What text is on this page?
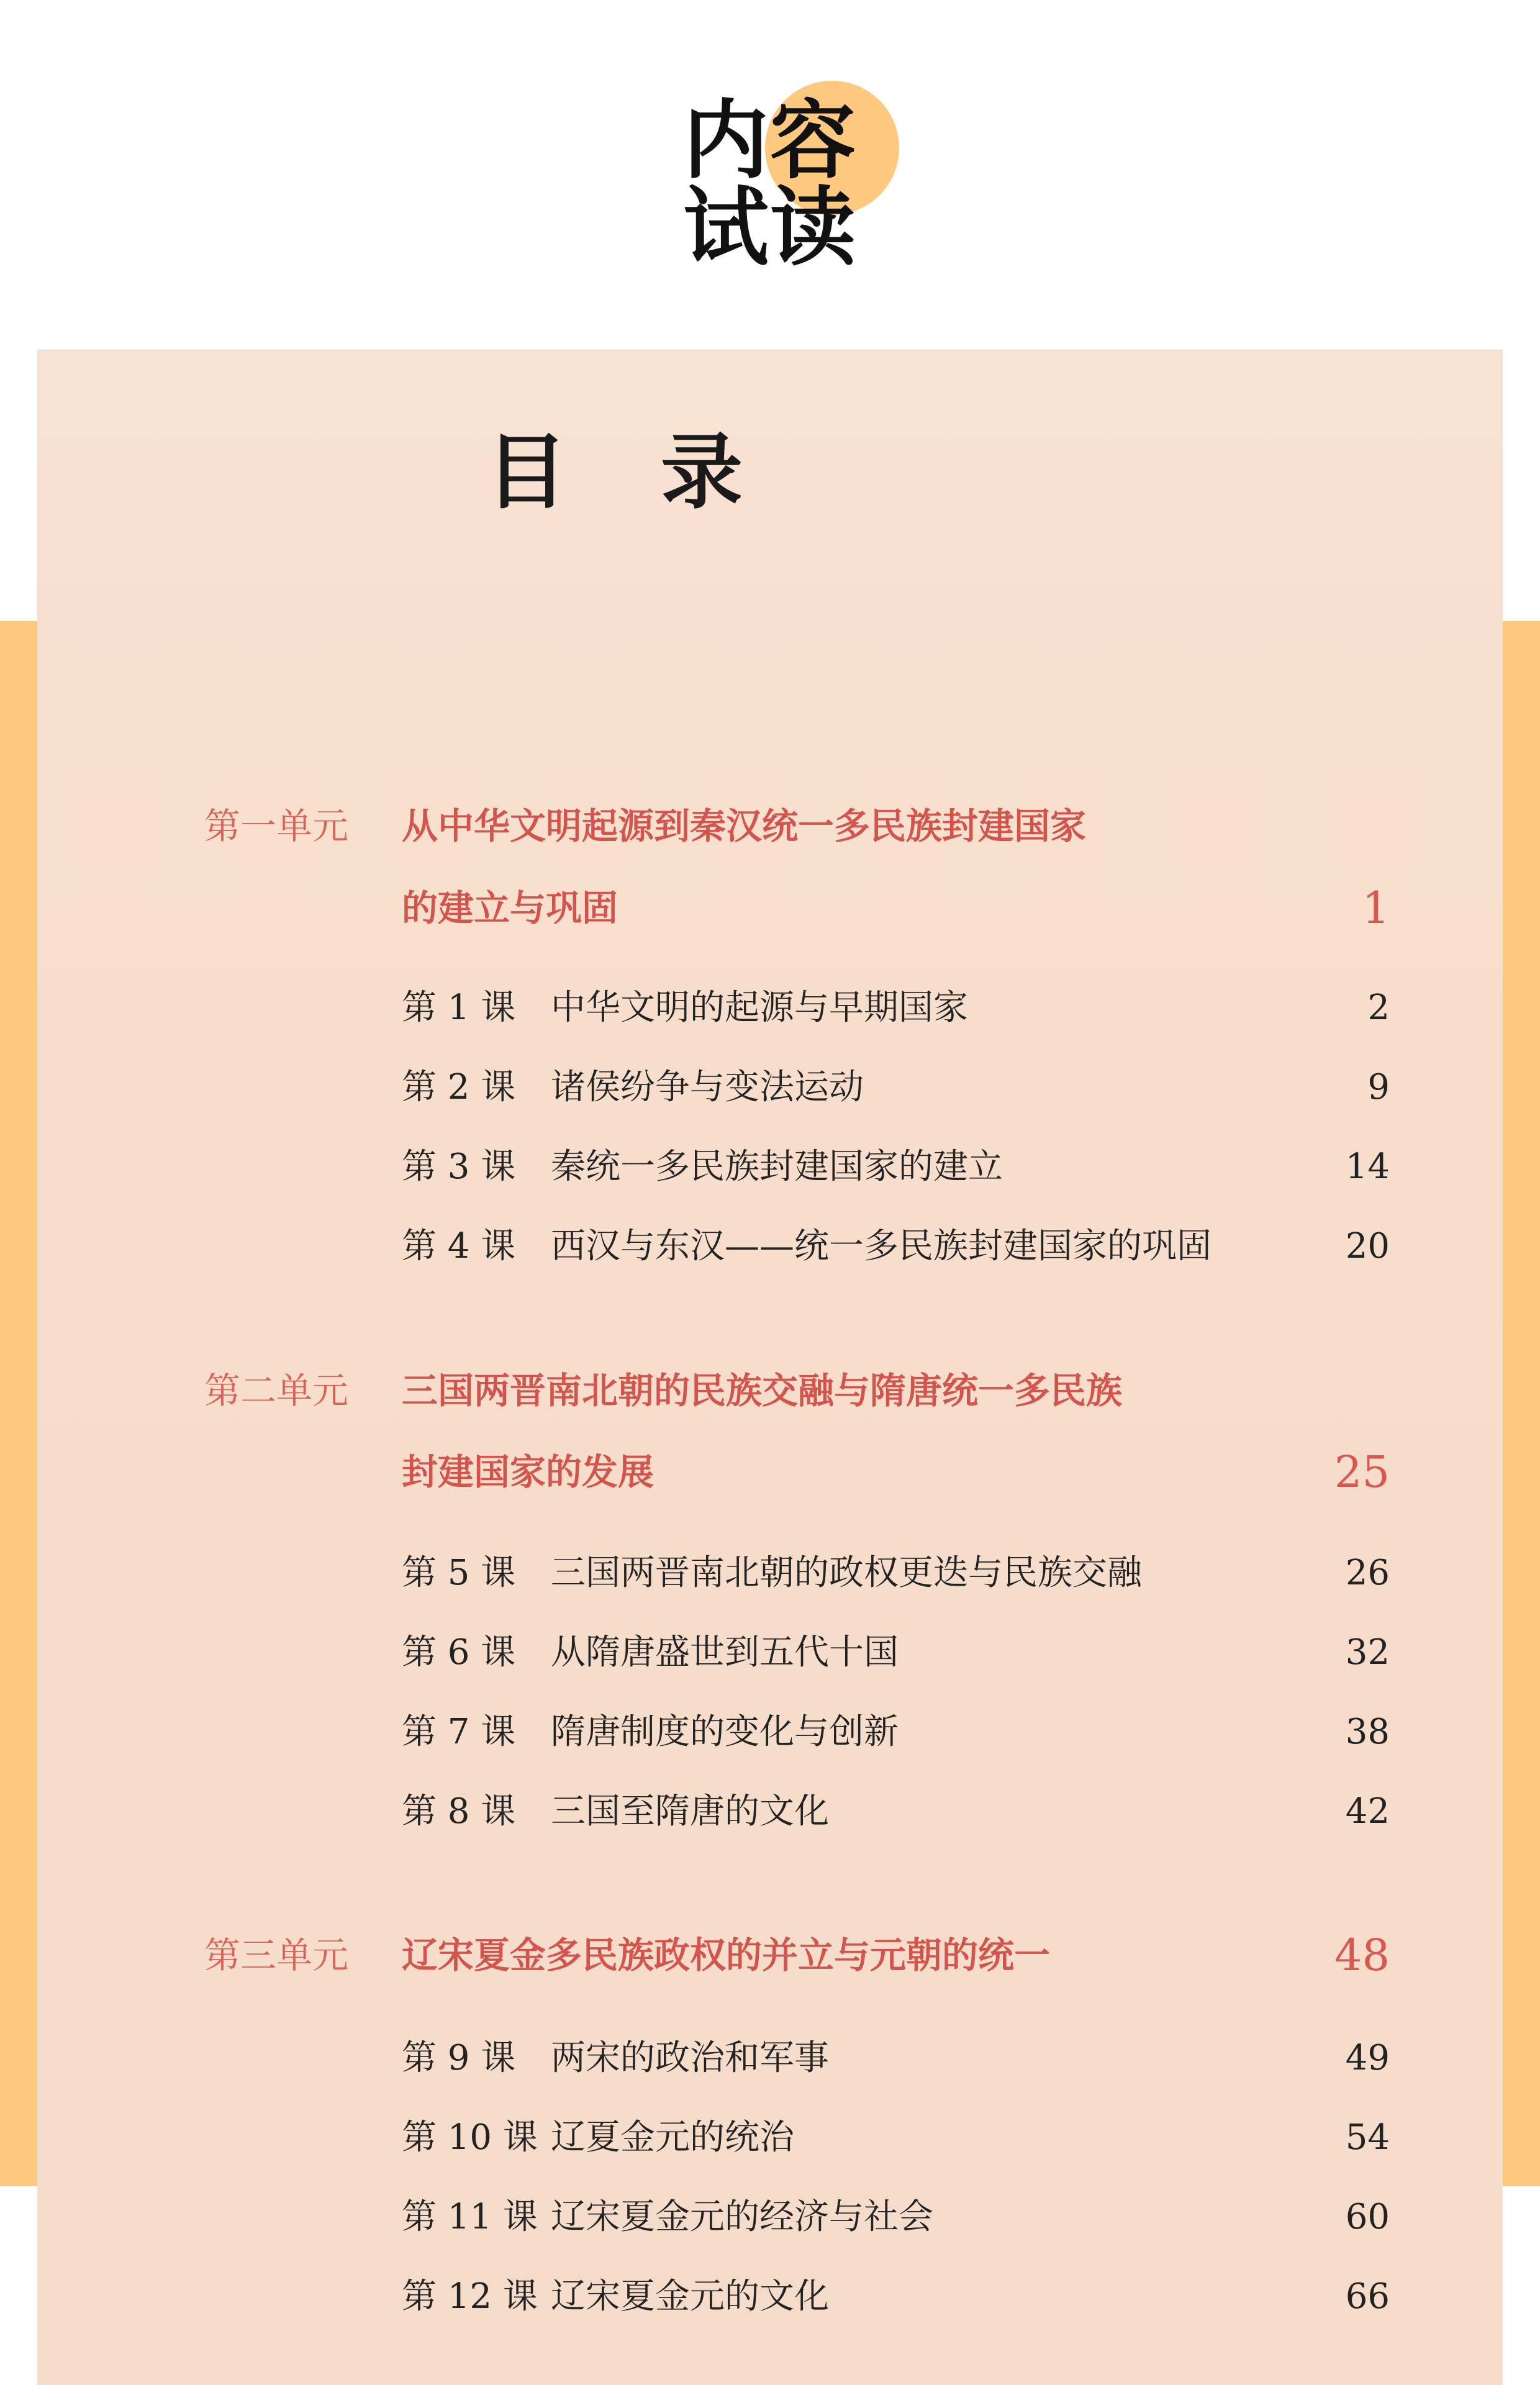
内容
试读
目录
第一单元 从中华文明起源到秦汉统一多民族封建国家
的建立与巩固	1
第 1 课 中华文明的起源与早期国家	2
第 2 课 诸侯纷争与变法运动	9
第 3 课 秦统一多民族封建国家的建立	14
第 4 课 西汉与东汉——统一多民族封建国家的巩固	20
第二单元 三国两晋南北朝的民族交融与隋唐统一多民族
封建国家的发展	25
第 5 课 三国两晋南北朝的政权更迭与民族交融	26
第 6 课 从隋唐盛世到五代十国	32
第 7 课 隋唐制度的变化与创新	38
第 8 课 三国至隋唐的文化	42
第三单元 辽宋夏金多民族政权的并立与元朝的统一	48
第 9 课 两宋的政治和军事	49
第 10 课 辽夏金元的统治	54
第 11 课 辽宋夏金元的经济与社会	60
第 12 课 辽宋夏金元的文化	66
